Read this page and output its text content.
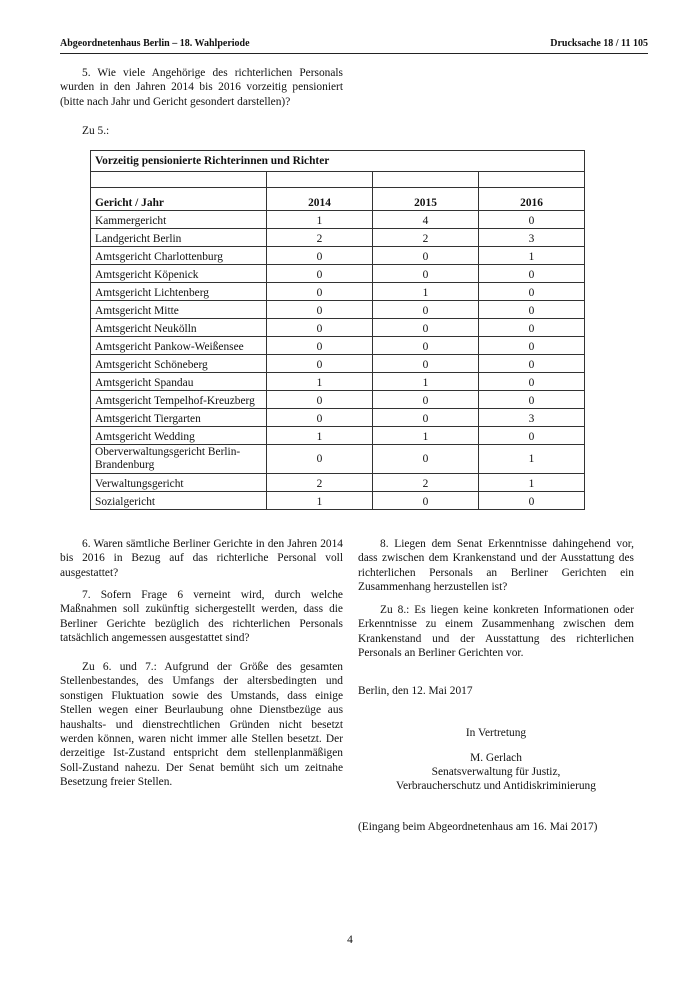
Abgeordnetenhaus Berlin – 18. Wahlperiode	Drucksache 18 / 11 105

5. Wie viele Angehörige des richterlichen Personals wurden in den Jahren 2014 bis 2016 vorzeitig pensioniert (bitte nach Jahr und Gericht gesondert darstellen)?

Zu 5.:

Vorzeitig pensionierte Richterinnen und Richter			

Gericht / Jahr	2014	2015	2016
Kammergericht	1	4	0
Landgericht Berlin	2	2	3
Amtsgericht Charlottenburg	0	0	1
Amtsgericht Köpenick	0	0	0
Amtsgericht Lichtenberg	0	1	0
Amtsgericht Mitte	0	0	0
Amtsgericht Neukölln	0	0	0
Amtsgericht Pankow-Weißensee	0	0	0
Amtsgericht Schöneberg	0	0	0
Amtsgericht Spandau	1	1	0
Amtsgericht Tempelhof-Kreuzberg	0	0	0
Amtsgericht Tiergarten	0	0	3
Amtsgericht Wedding	1	1	0
Oberverwaltungsgericht Berlin-Brandenburg	0	0	1
Verwaltungsgericht	2	2	1
Sozialgericht	1	0	0

6. Waren sämtliche Berliner Gerichte in den Jahren 2014 bis 2016 in Bezug auf das richterliche Personal voll ausgestattet?

7. Sofern Frage 6 verneint wird, durch welche Maßnahmen soll zukünftig sichergestellt werden, dass die Berliner Gerichte bezüglich des richterlichen Personals tatsächlich angemessen ausgestattet sind?

Zu 6. und 7.: Aufgrund der Größe des gesamten Stellenbestandes, des Umfangs der altersbedingten und sonstigen Fluktuation sowie des Umstands, dass einige Stellen wegen einer Beurlaubung ohne Dienstbezüge aus haushalts- und dienstrechtlichen Gründen nicht besetzt werden können, waren nicht immer alle Stellen besetzt. Der derzeitige Ist-Zustand entspricht dem stellenplanmäßigen Soll-Zustand nahezu. Der Senat bemüht sich um zeitnahe Besetzung freier Stellen.

8. Liegen dem Senat Erkenntnisse dahingehend vor, dass zwischen dem Krankenstand und der Ausstattung des richterlichen Personals an Berliner Gerichten ein Zusammenhang herzustellen ist?

Zu 8.: Es liegen keine konkreten Informationen oder Erkenntnisse zu einem Zusammenhang zwischen dem Krankenstand und der Ausstattung des richterlichen Personals an Berliner Gerichten vor.

Berlin, den 12. Mai 2017

In Vertretung

M. Gerlach

Senatsverwaltung für Justiz,

Verbraucherschutz und Antidiskriminierung

(Eingang beim Abgeordnetenhaus am 16. Mai 2017)

4
